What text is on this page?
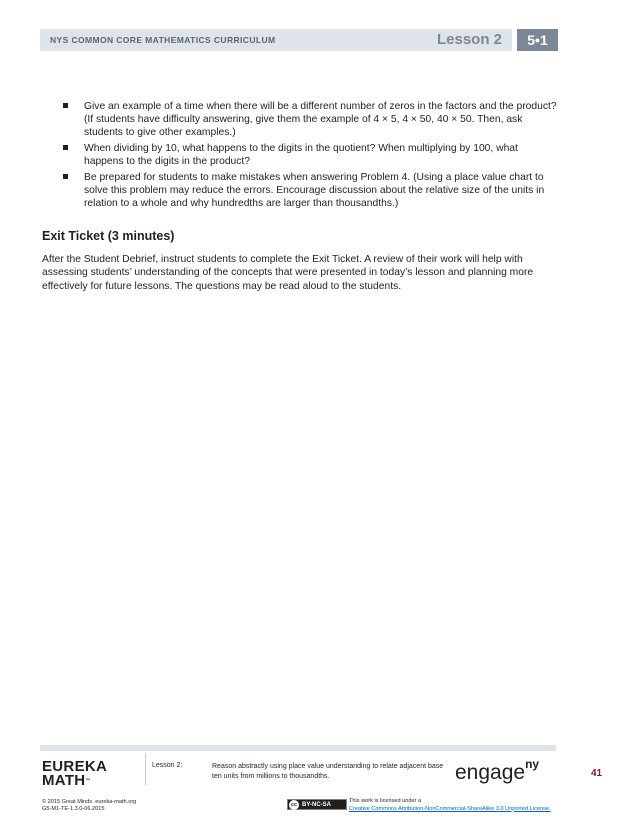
NYS COMMON CORE MATHEMATICS CURRICULUM	Lesson 2	5•1
Give an example of a time when there will be a different number of zeros in the factors and the product? (If students have difficulty answering, give them the example of 4 × 5, 4 × 50, 40 × 50. Then, ask students to give other examples.)
When dividing by 10, what happens to the digits in the quotient? When multiplying by 100, what happens to the digits in the product?
Be prepared for students to make mistakes when answering Problem 4. (Using a place value chart to solve this problem may reduce the errors. Encourage discussion about the relative size of the units in relation to a whole and why hundredths are larger than thousandths.)
Exit Ticket (3 minutes)

After the Student Debrief, instruct students to complete the Exit Ticket. A review of their work will help with assessing students’ understanding of the concepts that were presented in today’s lesson and planning more effectively for future lessons. The questions may be read aloud to the students.

EUREKA
MATH™
Lesson 2:	Reason abstractly using place value understanding to relate adjacent base ten units from millions to thousandths.	engage$^{ny}$
41
© 2015 Great Minds. eureka-math.org
G5-M1-TE-1.3.0-06.2015
cc BY-NC-SA
This work is licensed under a
Creative Commons Attribution-NonCommercial-ShareAlike 3.0 Unported License.
